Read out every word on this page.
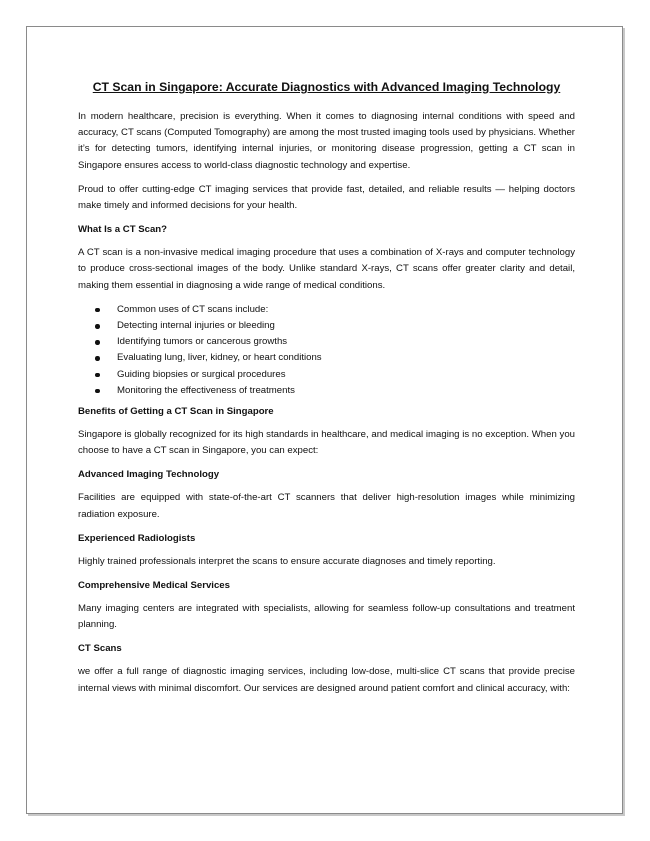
CT Scan in Singapore: Accurate Diagnostics with Advanced Imaging Technology

In modern healthcare, precision is everything. When it comes to diagnosing internal conditions with speed and accuracy, CT scans (Computed Tomography) are among the most trusted imaging tools used by physicians. Whether it’s for detecting tumors, identifying internal injuries, or monitoring disease progression, getting a CT scan in Singapore ensures access to world-class diagnostic technology and expertise.

Proud to offer cutting-edge CT imaging services that provide fast, detailed, and reliable results — helping doctors make timely and informed decisions for your health.

What Is a CT Scan?

A CT scan is a non-invasive medical imaging procedure that uses a combination of X-rays and computer technology to produce cross-sectional images of the body. Unlike standard X-rays, CT scans offer greater clarity and detail, making them essential in diagnosing a wide range of medical conditions.

Common uses of CT scans include:
Detecting internal injuries or bleeding
Identifying tumors or cancerous growths
Evaluating lung, liver, kidney, or heart conditions
Guiding biopsies or surgical procedures
Monitoring the effectiveness of treatments
Benefits of Getting a CT Scan in Singapore

Singapore is globally recognized for its high standards in healthcare, and medical imaging is no exception. When you choose to have a CT scan in Singapore, you can expect:

Advanced Imaging Technology

Facilities are equipped with state-of-the-art CT scanners that deliver high-resolution images while minimizing radiation exposure.

Experienced Radiologists

Highly trained professionals interpret the scans to ensure accurate diagnoses and timely reporting.

Comprehensive Medical Services

Many imaging centers are integrated with specialists, allowing for seamless follow-up consultations and treatment planning.

CT Scans

we offer a full range of diagnostic imaging services, including low-dose, multi-slice CT scans that provide precise internal views with minimal discomfort. Our services are designed around patient comfort and clinical accuracy, with:
